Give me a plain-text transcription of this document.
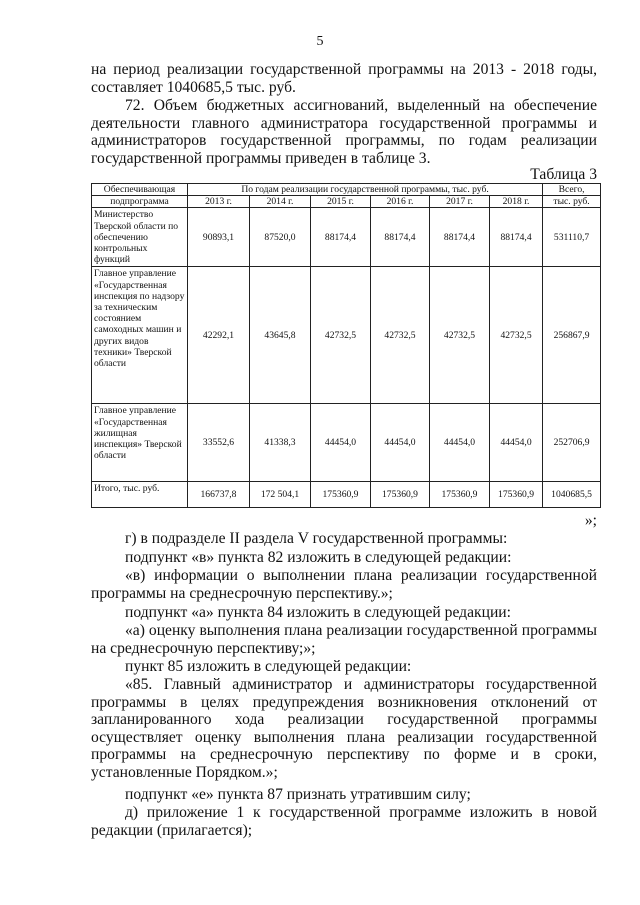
5

на период реализации государственной программы на 2013 - 2018 годы, составляет 1040685,5 тыс. руб.

72. Объем бюджетных ассигнований, выделенный на обеспечение деятельности главного администратора государственной программы и администраторов государственной программы, по годам реализации государственной программы приведен в таблице 3.

Таблица 3
Обеспечивающая	По годам реализации государственной программы, тыс. руб.						Всего,
подпрограмма	2013 г.	2014 г.	2015 г.	2016 г.	2017 г.	2018 г.	тыс. руб.
Министерство Тверской области по обеспечению контрольных функций	90893,1	87520,0	88174,4	88174,4	88174,4	88174,4	531110,7
Главное управление «Государственная инспекция по надзору за техническим состоянием самоходных машин и других видов техники» Тверской области	42292,1	43645,8	42732,5	42732,5	42732,5	42732,5	256867,9
Главное управление «Государственная жилищная инспекция» Тверской области	33552,6	41338,3	44454,0	44454,0	44454,0	44454,0	252706,9
Итого, тыс. руб.	166737,8	172 504,1	175360,9	175360,9	175360,9	175360,9	1040685,5
»;

г) в подразделе II раздела V государственной программы:

подпункт «в» пункта 82 изложить в следующей редакции:

«в) информации о выполнении плана реализации государственной программы на среднесрочную перспективу.»;

подпункт «а» пункта 84 изложить в следующей редакции:

«а) оценку выполнения плана реализации государственной программы на среднесрочную перспективу;»;

пункт 85 изложить в следующей редакции:

«85. Главный администратор и администраторы государственной программы в целях предупреждения возникновения отклонений от запланированного хода реализации государственной программы осуществляет оценку выполнения плана реализации государственной программы на среднесрочную перспективу по форме и в сроки, установленные Порядком.»;

подпункт «е» пункта 87 признать утратившим силу;

д) приложение 1 к государственной программе изложить в новой редакции (прилагается);
